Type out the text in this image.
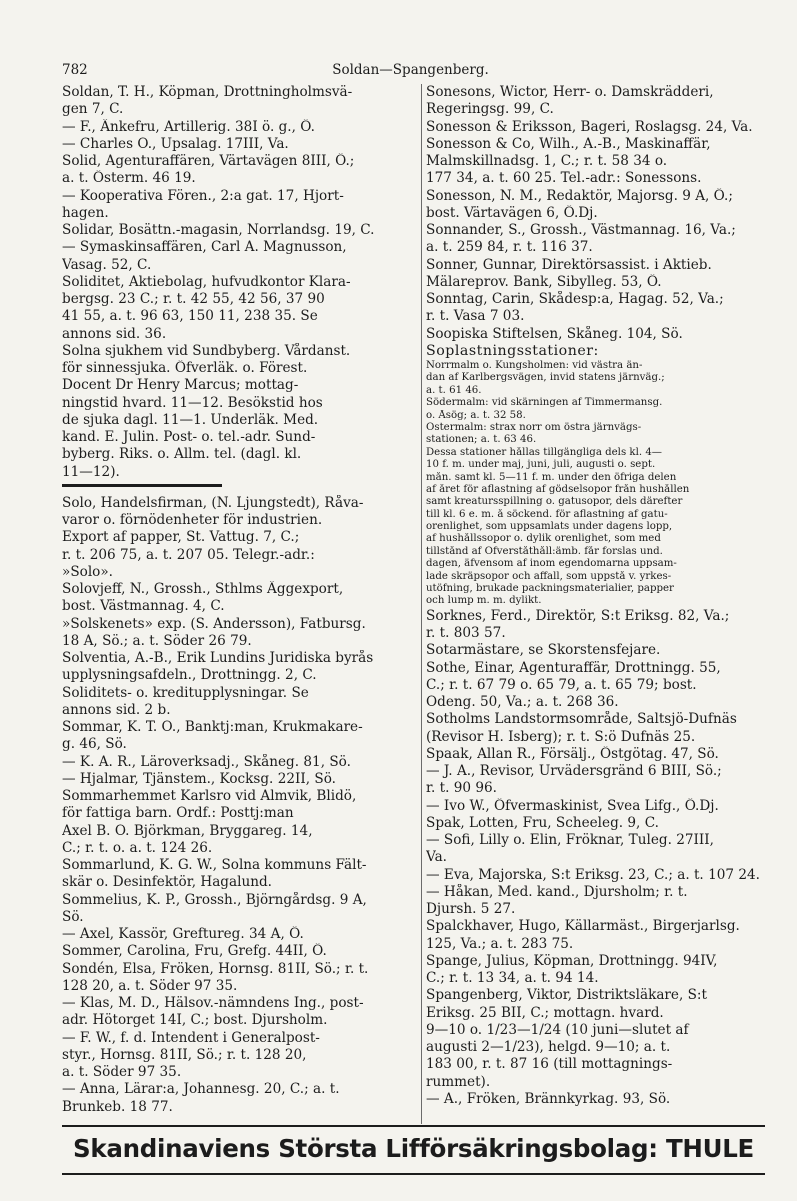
782	Soldan—Spangenberg.
Soldan, T. H., Köpman, Drottningholmsvä-
gen 7, C.
— F., Änkefru, Artillerig. 38I ö. g., Ö.
— Charles O., Upsalag. 17III, Va.
Solid, Agenturaffären, Värtavägen 8III, Ö.;
a. t. Österm. 46 19.
— Kooperativa Fören., 2:a gat. 17, Hjort-
hagen.
Solidar, Bosättn.-magasin, Norrlandsg. 19, C.
— Symaskinsaffären, Carl A. Magnusson,
Vasag. 52, C.
Soliditet, Aktiebolag, hufvudkontor Klara-
bergsg. 23 C.; r. t. 42 55, 42 56, 37 90
41 55, a. t. 96 63, 150 11, 238 35. Se
annons sid. 36.
Solna sjukhem vid Sundbyberg. Vårdanst.
för sinnessjuka. Öfverläk. o. Förest.
Docent Dr Henry Marcus; mottag-
ningstid hvard. 11—12. Besökstid hos
de sjuka dagl. 11—1. Underläk. Med.
kand. E. Julin. Post- o. tel.-adr. Sund-
byberg. Riks. o. Allm. tel. (dagl. kl.
11—12).
Solo, Handelsfirman, (N. Ljungstedt), Råva-
varor o. förnödenheter för industrien.
Export af papper, St. Vattug. 7, C.;
r. t. 206 75, a. t. 207 05. Telegr.-adr.:
»Solo».
Solovjeff, N., Grossh., Sthlms Äggexport,
bost. Västmannag. 4, C.
»Solskenets» exp. (S. Andersson), Fatbursg.
18 A, Sö.; a. t. Söder 26 79.
Solventia, A.-B., Erik Lundins Juridiska byrås
upplysningsafdeln., Drottningg. 2, C.
Soliditets- o. kreditupplysningar. Se
annons sid. 2 b.
Sommar, K. T. O., Banktj:man, Krukmakare-
g. 46, Sö.
— K. A. R., Läroverksadj., Skåneg. 81, Sö.
— Hjalmar, Tjänstem., Kocksg. 22II, Sö.
Sommarhemmet Karlsro vid Almvik, Blidö,
för fattiga barn. Ordf.: Posttj:man
Axel B. O. Björkman, Bryggareg. 14,
C.; r. t. o. a. t. 124 26.
Sommarlund, K. G. W., Solna kommuns Fält-
skär o. Desinfektör, Hagalund.
Sommelius, K. P., Grossh., Björngårdsg. 9 A,
Sö.
— Axel, Kassör, Greftureg. 34 A, Ö.
Sommer, Carolina, Fru, Grefg. 44II, Ö.
Sondén, Elsa, Fröken, Hornsg. 81II, Sö.; r. t.
128 20, a. t. Söder 97 35.
— Klas, M. D., Hälsov.-nämndens Ing., post-
adr. Hötorget 14I, C.; bost. Djursholm.
— F. W., f. d. Intendent i Generalpost-
styr., Hornsg. 81II, Sö.; r. t. 128 20,
a. t. Söder 97 35.
— Anna, Lärar:a, Johannesg. 20, C.; a. t.
Brunkeb. 18 77.
Sonesons, Wictor, Herr- o. Damskrädderi,
Regeringsg. 99, C.
Sonesson & Eriksson, Bageri, Roslagsg. 24, Va.
Sonesson & Co, Wilh., A.-B., Maskinaffär,
Malmskillnadsg. 1, C.; r. t. 58 34 o.
177 34, a. t. 60 25. Tel.-adr.: Sonessons.
Sonesson, N. M., Redaktör, Majorsg. 9 A, Ö.;
bost. Värtavägen 6, Ö.Dj.
Sonnander, S., Grossh., Västmannag. 16, Va.;
a. t. 259 84, r. t. 116 37.
Sonner, Gunnar, Direktörsassist. i Aktieb.
Mälareprov. Bank, Sibylleg. 53, Ö.
Sonntag, Carin, Skådesp:a, Hagag. 52, Va.;
r. t. Vasa 7 03.
Soopiska Stiftelsen, Skåneg. 104, Sö.
Soplastningsstationer:
Norrmalm o. Kungsholmen: vid västra än-
dan af Karlbergsvägen, invid statens järnväg.;
a. t. 61 46.
Södermalm: vid skärningen af Timmermansg.
o. Åsög; a. t. 32 58.
Östermalm: strax norr om östra järnvägs-
stationen; a. t. 63 46.
Dessa stationer hållas tillgängliga dels kl. 4—
10 f. m. under maj, juni, juli, augusti o. sept.
mån. samt kl. 5—11 f. m. under den öfriga delen
af året för aflastning af gödselsopor från hushållen
samt kreatursspillning o. gatusopor, dels därefter
till kl. 6 e. m. å söckend. för aflastning af gatu-
orenlighet, som uppsamlats under dagens lopp,
af hushållssopor o. dylik orenlighet, som med
tillstånd af Öfverståthåll:ämb. får forslas und.
dagen, äfvensom af inom egendomarna uppsam-
lade skräpsopor och affall, som uppstå v. yrkes-
utöfning, brukade packningsmaterialier, papper
och lump m. m. dylikt.
Sorknes, Ferd., Direktör, S:t Eriksg. 82, Va.;
r. t. 803 57.
Sotarmästare, se Skorstensfejare.
Sothe, Einar, Agenturaffär, Drottningg. 55,
C.; r. t. 67 79 o. 65 79, a. t. 65 79; bost.
Odeng. 50, Va.; a. t. 268 36.
Sotholms Landstormsområde, Saltsjö-Dufnäs
(Revisor H. Isberg); r. t. S:ö Dufnäs 25.
Spaak, Allan R., Försälj., Östgötag. 47, Sö.
— J. A., Revisor, Urvädersgränd 6 BIII, Sö.;
r. t. 90 96.
— Ivo W., Öfvermaskinist, Svea Lifg., Ö.Dj.
Spak, Lotten, Fru, Scheeleg. 9, C.
— Sofi, Lilly o. Elin, Fröknar, Tuleg. 27III,
Va.
— Eva, Majorska, S:t Eriksg. 23, C.; a. t. 107 24.
— Håkan, Med. kand., Djursholm; r. t.
Djursh. 5 27.
Spalckhaver, Hugo, Källarmäst., Birgerjarlsg.
125, Va.; a. t. 283 75.
Spange, Julius, Köpman, Drottningg. 94IV,
C.; r. t. 13 34, a. t. 94 14.
Spangenberg, Viktor, Distriktsläkare, S:t
Eriksg. 25 BII, C.; mottagn. hvard.
9—10 o. 1/23—1/24 (10 juni—slutet af
augusti 2—1/23), helgd. 9—10; a. t.
183 00, r. t. 87 16 (till mottagnings-
rummet).
— A., Fröken, Brännkyrkag. 93, Sö.
Skandinaviens Största Lifförsäkringsbolag: THULE
